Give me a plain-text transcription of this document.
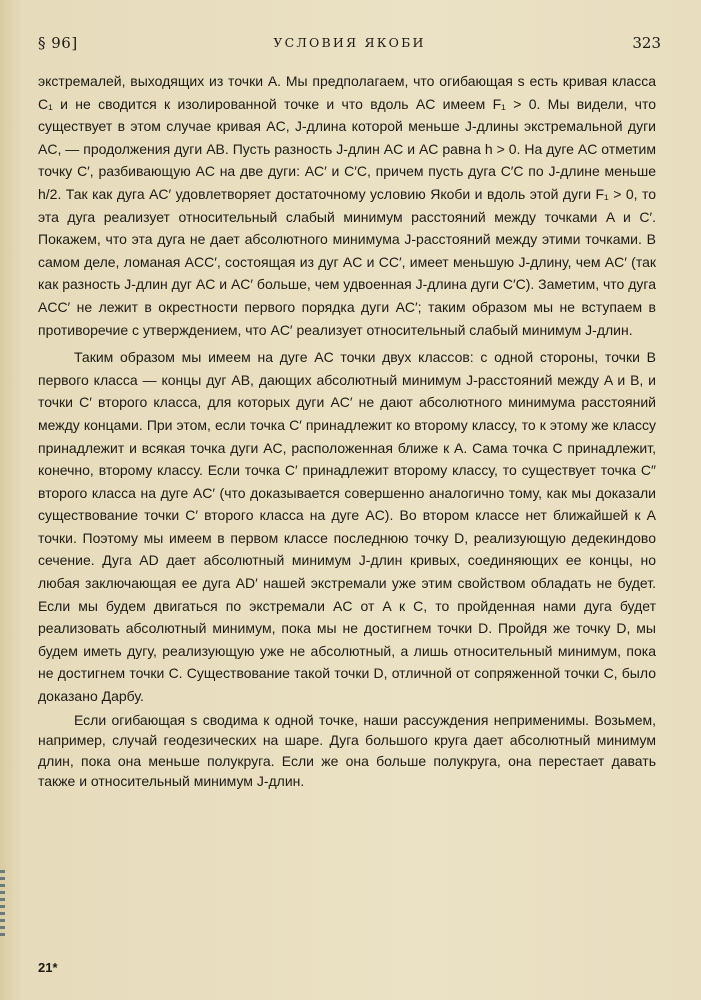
§ 96]	УСЛОВИЯ ЯКОБИ	323

экстремалей, выходящих из точки A. Мы предполагаем, что огибающая s есть кривая класса C₁ и не сводится к изолированной точке и что вдоль AC имеем F₁ > 0. Мы видели, что существует в этом случае кривая AC, J-длина которой меньше J-длины экстремальной дуги AC, — продолжения дуги AB. Пусть разность J-длин AC и AC равна h > 0. На дуге AC отметим точку C′, разбивающую AC на две дуги: AC′ и C′C, причем пусть дуга C′C по J-длине меньше h/2. Так как дуга AC′ удовлетворяет достаточному условию Якоби и вдоль этой дуги F₁ > 0, то эта дуга реализует относительный слабый минимум расстояний между точками A и C′. Покажем, что эта дуга не дает абсолютного минимума J-расстояний между этими точками. В самом деле, ломаная ACC′, состоящая из дуг AC и CC′, имеет меньшую J-длину, чем AC′ (так как разность J-длин дуг AC и AC′ больше, чем удвоенная J-длина дуги C′C). Заметим, что дуга ACC′ не лежит в окрестности первого порядка дуги AC′; таким образом мы не вступаем в противоречие с утверждением, что AC′ реализует относительный слабый минимум J-длин.

Таким образом мы имеем на дуге AC точки двух классов: с одной стороны, точки B первого класса — концы дуг AB, дающих абсолютный минимум J-расстояний между A и B, и точки C′ второго класса, для которых дуги AC′ не дают абсолютного минимума расстояний между концами. При этом, если точка C′ принадлежит ко второму классу, то к этому же классу принадлежит и всякая точка дуги AC, расположенная ближе к A. Сама точка C принадлежит, конечно, второму классу. Если точка C′ принадлежит второму классу, то существует точка C″ второго класса на дуге AC′ (что доказывается совершенно аналогично тому, как мы доказали существование точки C′ второго класса на дуге AC). Во втором классе нет ближайшей к A точки. Поэтому мы имеем в первом классе последнюю точку D, реализующую дедекиндово сечение. Дуга AD дает абсолютный минимум J-длин кривых, соединяющих ее концы, но любая заключающая ее дуга AD′ нашей экстремали уже этим свойством обладать не будет. Если мы будем двигаться по экстремали AC от A к C, то пройденная нами дуга будет реализовать абсолютный минимум, пока мы не достигнем точки D. Пройдя же точку D, мы будем иметь дугу, реализующую уже не абсолютный, а лишь относительный минимум, пока не достигнем точки C. Существование такой точки D, отличной от сопряженной точки C, было доказано Дарбу.

Если огибающая s сводима к одной точке, наши рассуждения неприменимы. Возьмем, например, случай геодезических на шаре. Дуга большого круга дает абсолютный минимум длин, пока она меньше полукруга. Если же она больше полукруга, она перестает давать также и относительный минимум J-длин.

21*
